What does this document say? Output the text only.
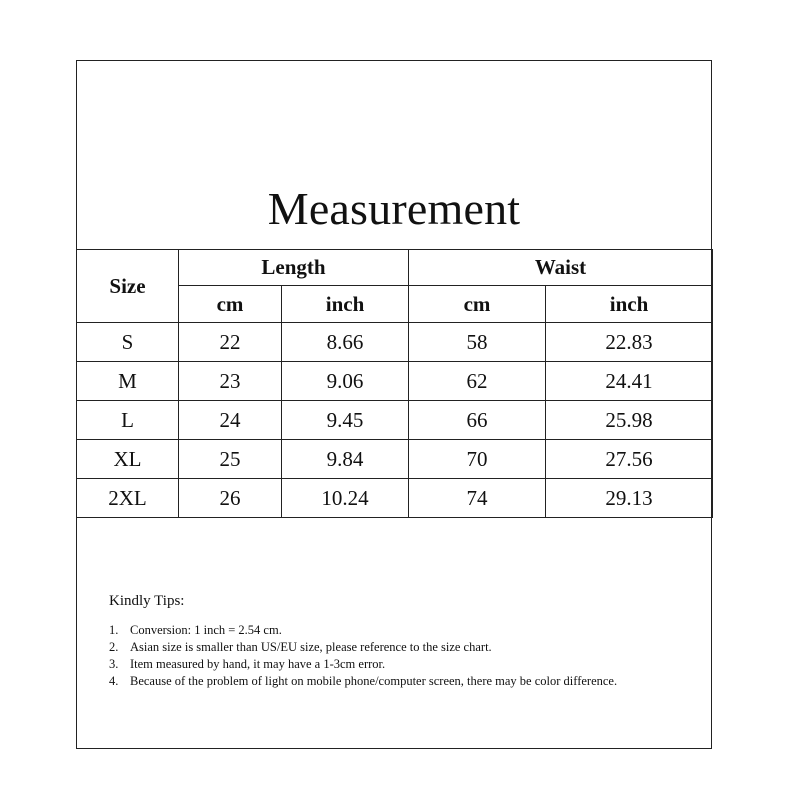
Measurement
Size	Length		Waist	
	cm	inch	cm	inch
S	22	8.66	58	22.83
M	23	9.06	62	24.41
L	24	9.45	66	25.98
XL	25	9.84	70	27.56
2XL	26	10.24	74	29.13
Kindly Tips:
1. Conversion: 1 inch = 2.54 cm.
2. Asian size is smaller than US/EU size, please reference to the size chart.
3. Item measured by hand, it may have a 1-3cm error.
4. Because of the problem of light on mobile phone/computer screen, there may be color difference.
